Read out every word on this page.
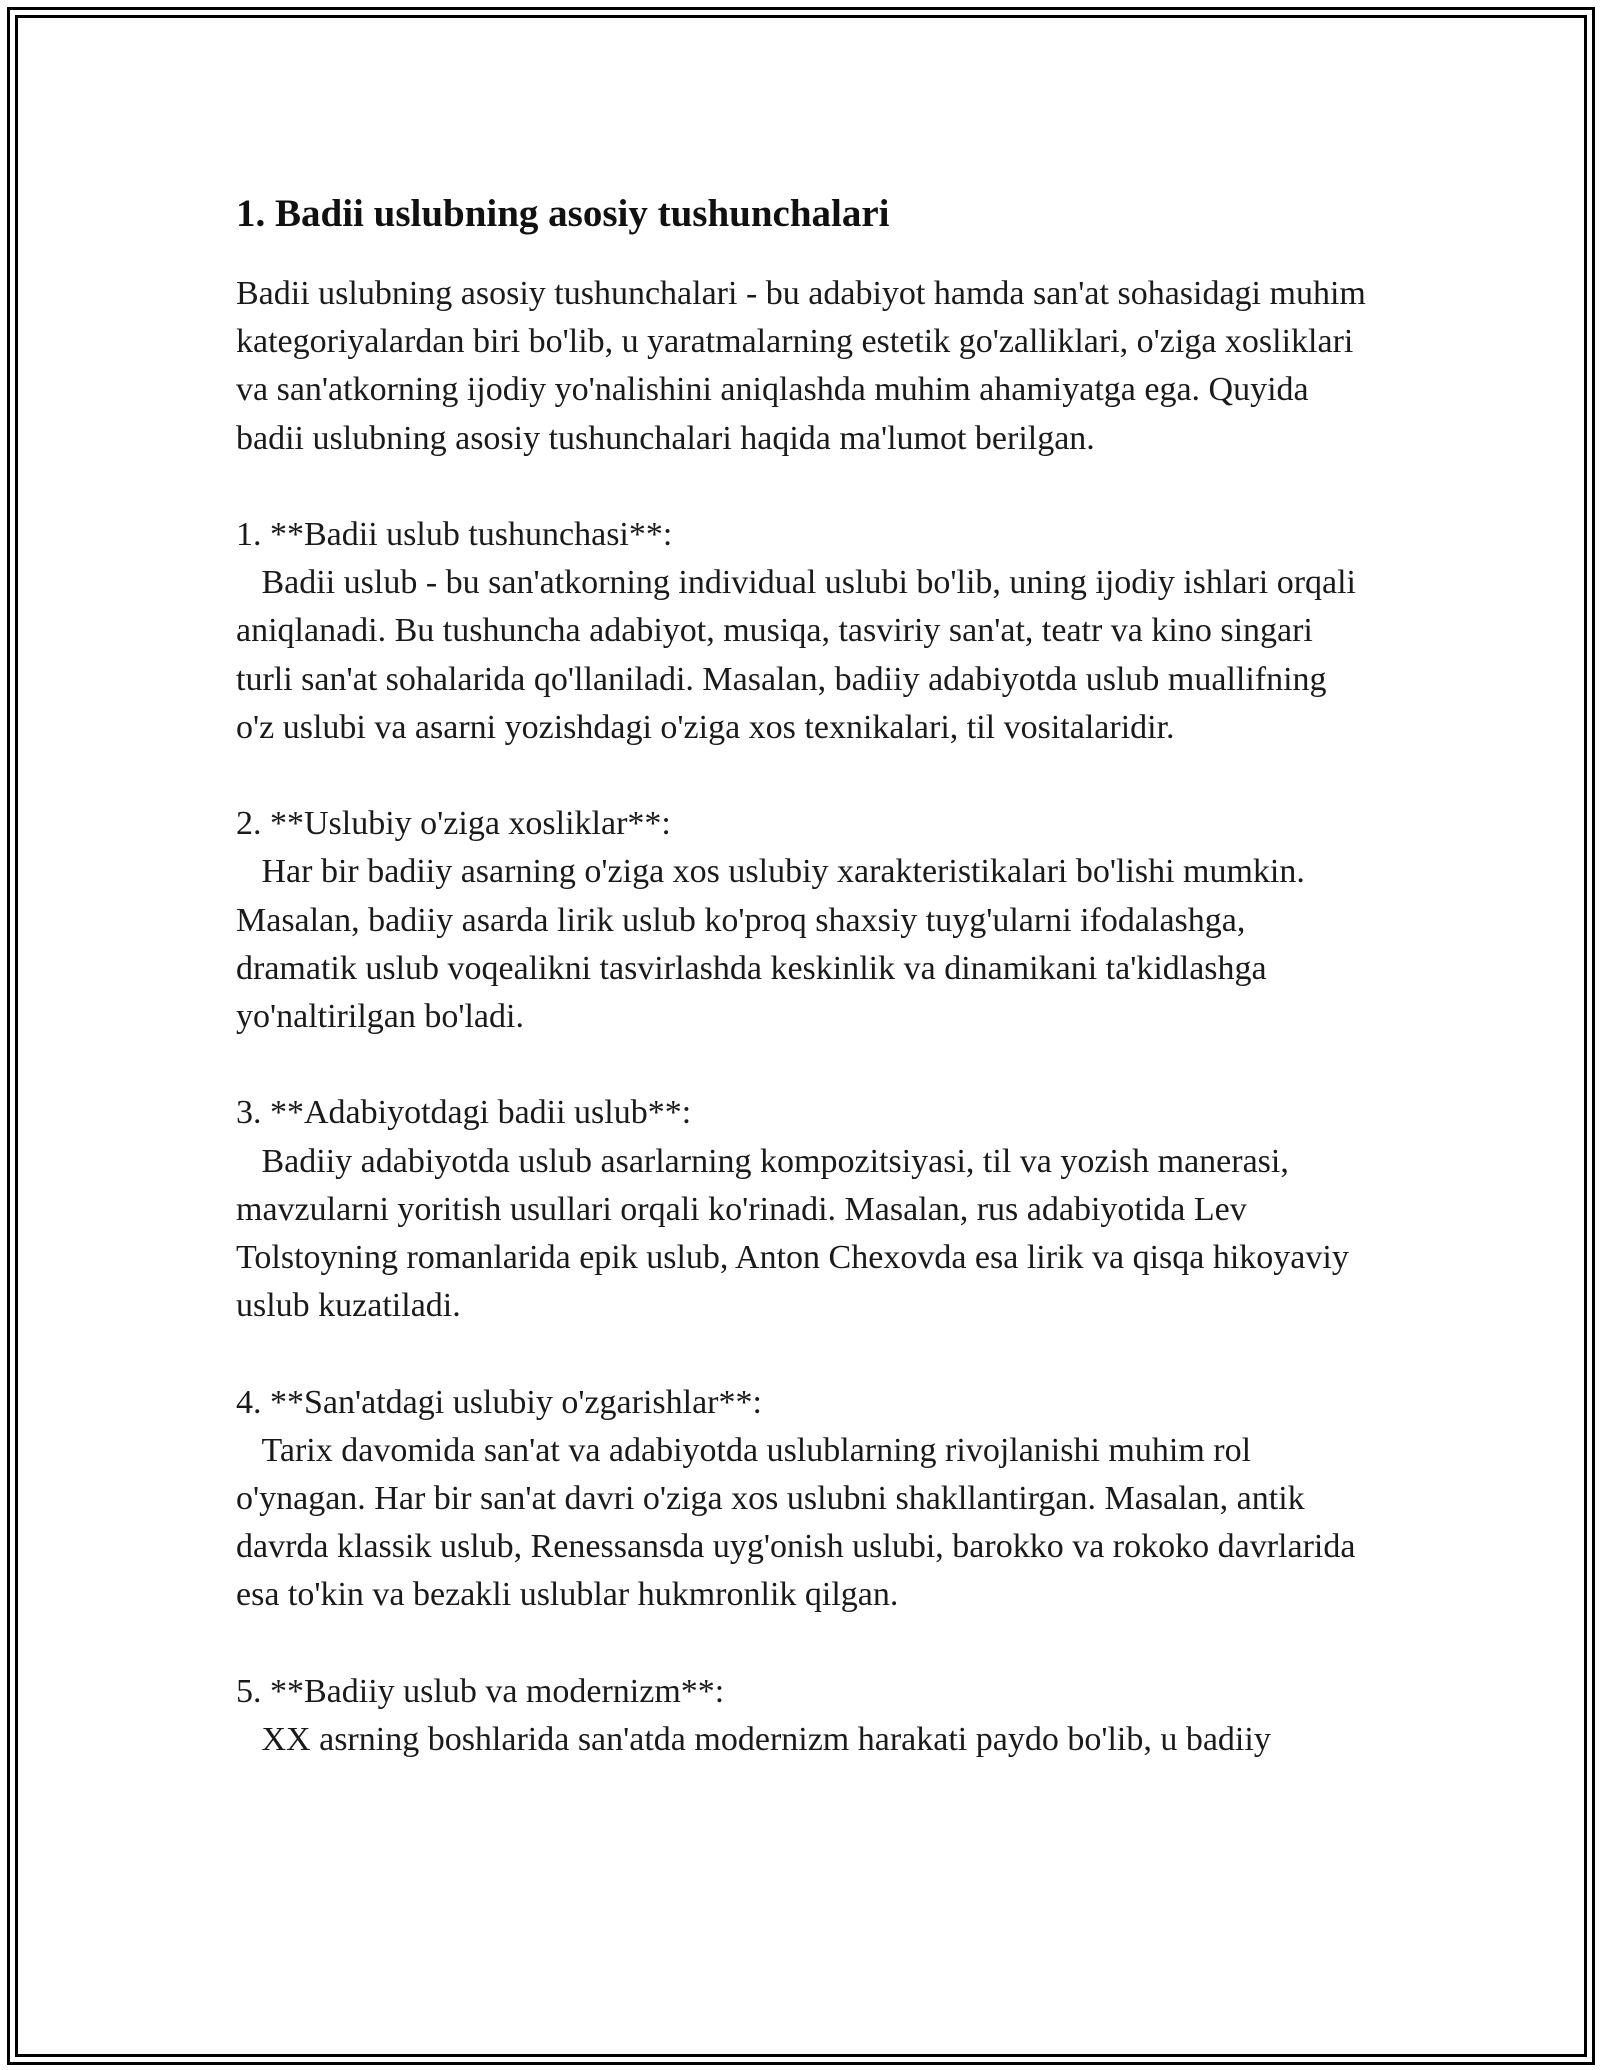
1. Badii uslubning asosiy tushunchalari

Badii uslubning asosiy tushunchalari - bu adabiyot hamda san'at sohasidagi muhim kategoriyalardan biri bo'lib, u yaratmalarning estetik go'zalliklari, o'ziga xosliklari va san'atkorning ijodiy yo'nalishini aniqlashda muhim ahamiyatga ega. Quyida badii uslubning asosiy tushunchalari haqida ma'lumot berilgan.

1. **Badii uslub tushunchasi**:

Badii uslub - bu san'atkorning individual uslubi bo'lib, uning ijodiy ishlari orqali aniqlanadi. Bu tushuncha adabiyot, musiqa, tasviriy san'at, teatr va kino singari turli san'at sohalarida qo'llaniladi. Masalan, badiiy adabiyotda uslub muallifning o'z uslubi va asarni yozishdagi o'ziga xos texnikalari, til vositalaridir.

2. **Uslubiy o'ziga xosliklar**:

Har bir badiiy asarning o'ziga xos uslubiy xarakteristikalari bo'lishi mumkin. Masalan, badiiy asarda lirik uslub ko'proq shaxsiy tuyg'ularni ifodalashga, dramatik uslub voqealikni tasvirlashda keskinlik va dinamikani ta'kidlashga yo'naltirilgan bo'ladi.

3. **Adabiyotdagi badii uslub**:

Badiiy adabiyotda uslub asarlarning kompozitsiyasi, til va yozish manerasi, mavzularni yoritish usullari orqali ko'rinadi. Masalan, rus adabiyotida Lev Tolstoyning romanlarida epik uslub, Anton Chexovda esa lirik va qisqa hikoyaviy uslub kuzatiladi.

4. **San'atdagi uslubiy o'zgarishlar**:

Tarix davomida san'at va adabiyotda uslublarning rivojlanishi muhim rol o'ynagan. Har bir san'at davri o'ziga xos uslubni shakllantirgan. Masalan, antik davrda klassik uslub, Renessansda uyg'onish uslubi, barokko va rokoko davrlarida esa to'kin va bezakli uslublar hukmronlik qilgan.

5. **Badiiy uslub va modernizm**:

XX asrning boshlarida san'atda modernizm harakati paydo bo'lib, u badiiy
